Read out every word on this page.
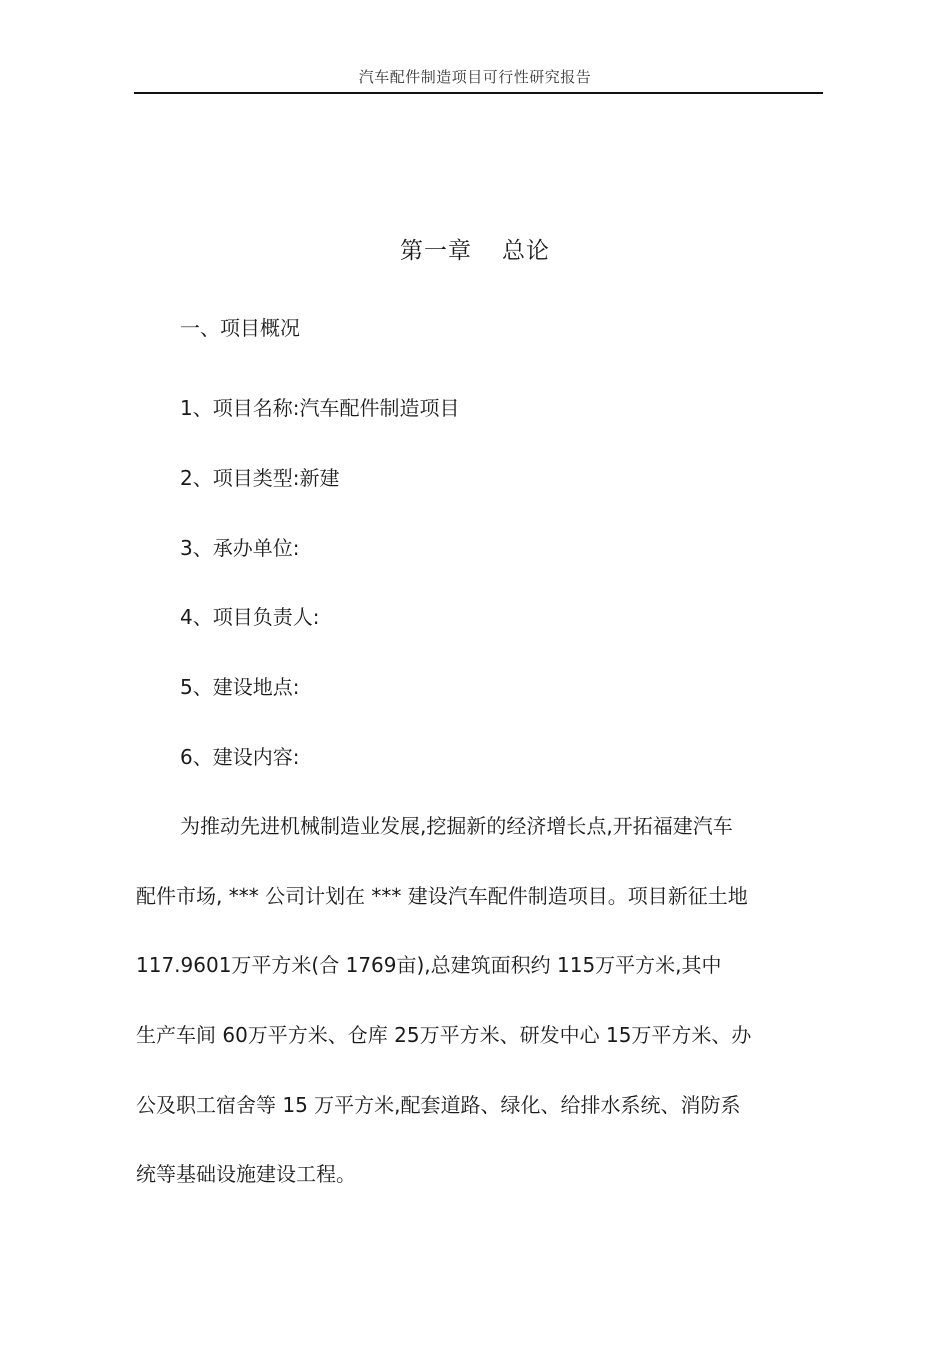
汽车配件制造项目可行性研究报告
第一章 总论
一、项目概况
1、项目名称:汽车配件制造项目
2、项目类型:新建
3、承办单位:
4、项目负责人:
5、建设地点:
6、建设内容:
为推动先进机械制造业发展,挖掘新的经济增长点,开拓福建汽车
配件市场, *** 公司计划在 *** 建设汽车配件制造项目。项目新征土地
117.9601万平方米(合 1769亩),总建筑面积约 115万平方米,其中
生产车间 60万平方米、仓库 25万平方米、研发中心 15万平方米、办
公及职工宿舍等 15 万平方米,配套道路、绿化、给排水系统、消防系
统等基础设施建设工程。
